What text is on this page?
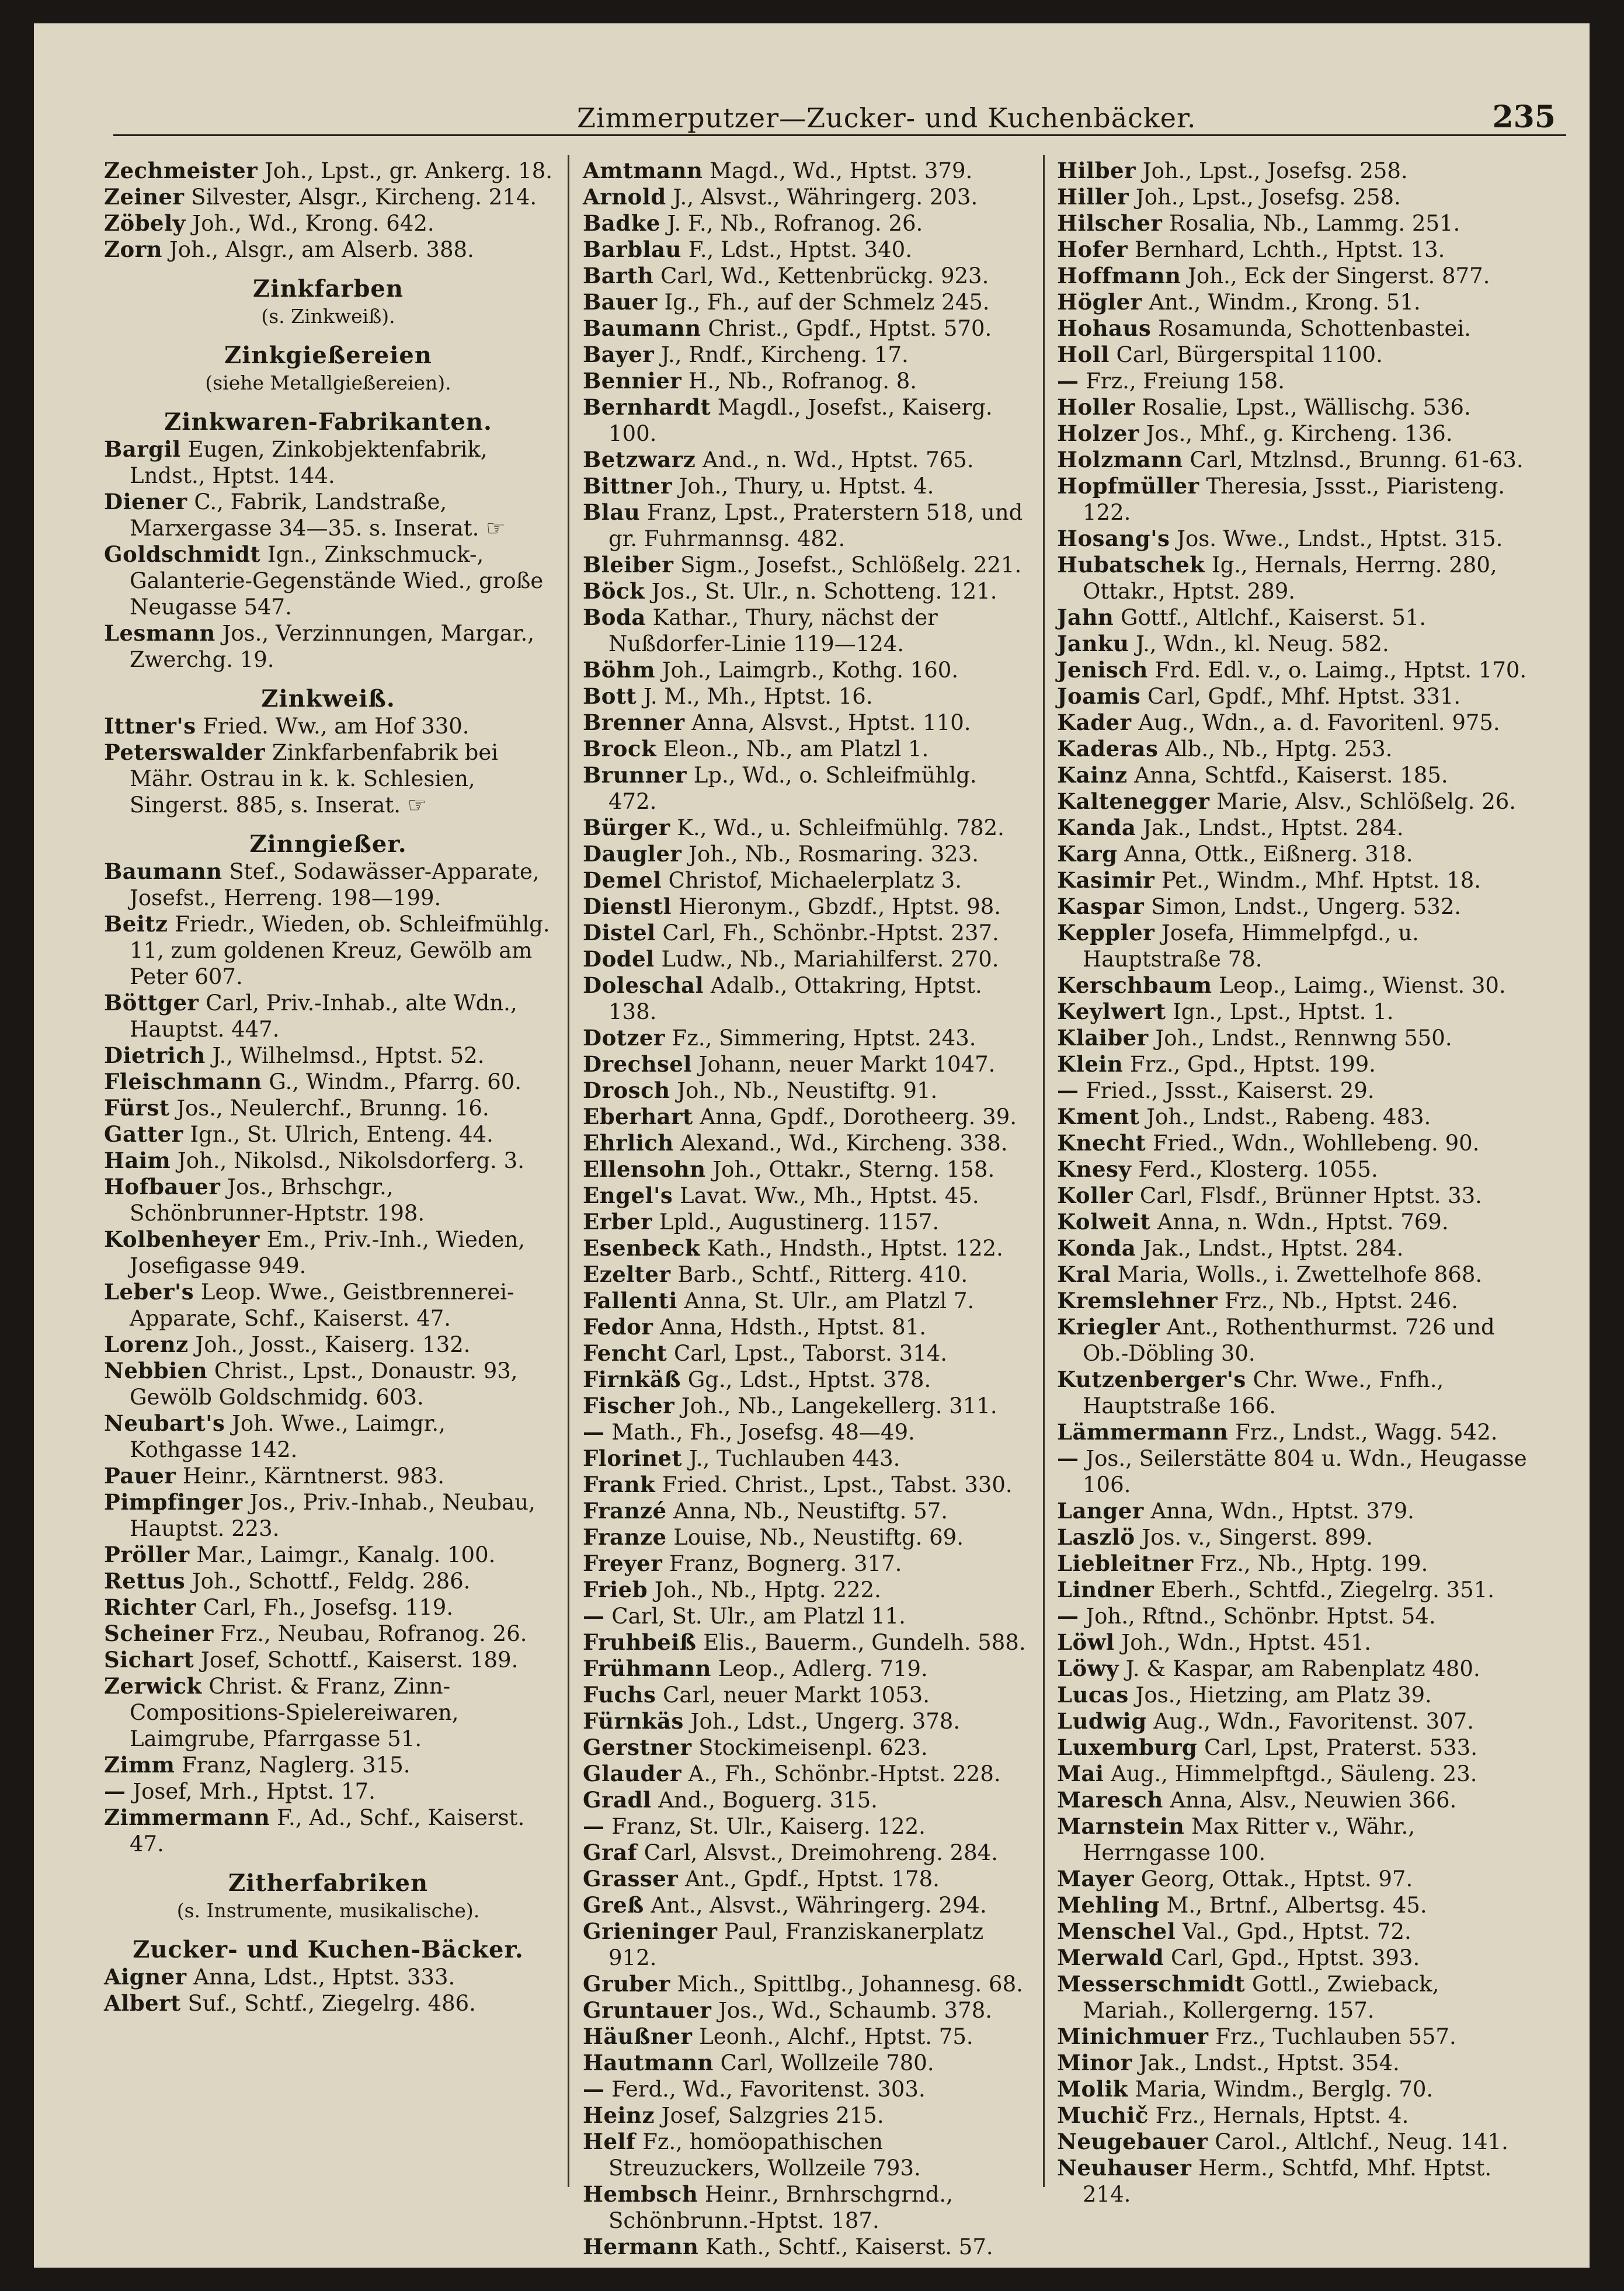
Zimmerputzer—Zucker- und Kuchenbäcker.	235
Zechmeister Joh., Lpst., gr. Ankerg. 18.
Zeiner Silvester, Alsgr., Kircheng. 214.
Zöbely Joh., Wd., Krong. 642.
Zorn Joh., Alsgr., am Alserb. 388.
Zinkfarben
(s. Zinkweiß).
Zinkgießereien
(siehe Metallgießereien).
Zinkwaren-Fabrikanten.
Bargil Eugen, Zinkobjektenfabrik, Lndst., Hptst. 144.
Diener C., Fabrik, Landstraße, Marxergasse 34—35. s. Inserat. ☞
Goldschmidt Ign., Zinkschmuck-, Galanterie-Gegenstände Wied., große Neugasse 547.
Lesmann Jos., Verzinnungen, Margar., Zwerchg. 19.
Zinkweiß.
Ittner's Fried. Ww., am Hof 330.
Peterswalder Zinkfarbenfabrik bei Mähr. Ostrau in k. k. Schlesien, Singerst. 885, s. Inserat. ☞
Zinngießer.
Baumann Stef., Sodawässer-Apparate, Josefst., Herreng. 198—199.
Beitz Friedr., Wieden, ob. Schleifmühlg. 11, zum goldenen Kreuz, Gewölb am Peter 607.
Böttger Carl, Priv.-Inhab., alte Wdn., Hauptst. 447.
Dietrich J., Wilhelmsd., Hptst. 52.
Fleischmann G., Windm., Pfarrg. 60.
Fürst Jos., Neulerchf., Brunng. 16.
Gatter Ign., St. Ulrich, Enteng. 44.
Haim Joh., Nikolsd., Nikolsdorferg. 3.
Hofbauer Jos., Brhschgr., Schönbrunner-Hptstr. 198.
Kolbenheyer Em., Priv.-Inh., Wieden, Josefigasse 949.
Leber's Leop. Wwe., Geistbrennerei-Apparate, Schf., Kaiserst. 47.
Lorenz Joh., Josst., Kaiserg. 132.
Nebbien Christ., Lpst., Donaustr. 93, Gewölb Goldschmidg. 603.
Neubart's Joh. Wwe., Laimgr., Kothgasse 142.
Pauer Heinr., Kärntnerst. 983.
Pimpfinger Jos., Priv.-Inhab., Neubau, Hauptst. 223.
Pröller Mar., Laimgr., Kanalg. 100.
Rettus Joh., Schottf., Feldg. 286.
Richter Carl, Fh., Josefsg. 119.
Scheiner Frz., Neubau, Rofranog. 26.
Sichart Josef, Schottf., Kaiserst. 189.
Zerwick Christ. & Franz, Zinn-Compositions-Spielereiwaren, Laimgrube, Pfarrgasse 51.
Zimm Franz, Naglerg. 315.
— Josef, Mrh., Hptst. 17.
Zimmermann F., Ad., Schf., Kaiserst. 47.
Zitherfabriken
(s. Instrumente, musikalische).
Zucker- und Kuchen-Bäcker.
Aigner Anna, Ldst., Hptst. 333.
Albert Suf., Schtf., Ziegelrg. 486.
Amtmann Magd., Wd., Hptst. 379.
Arnold J., Alsvst., Währingerg. 203.
Badke J. F., Nb., Rofranog. 26.
Barblau F., Ldst., Hptst. 340.
Barth Carl, Wd., Kettenbrückg. 923.
Bauer Ig., Fh., auf der Schmelz 245.
Baumann Christ., Gpdf., Hptst. 570.
Bayer J., Rndf., Kircheng. 17.
Bennier H., Nb., Rofranog. 8.
Bernhardt Magdl., Josefst., Kaiserg. 100.
Betzwarz And., n. Wd., Hptst. 765.
Bittner Joh., Thury, u. Hptst. 4.
Blau Franz, Lpst., Praterstern 518, und gr. Fuhrmannsg. 482.
Bleiber Sigm., Josefst., Schlößelg. 221.
Böck Jos., St. Ulr., n. Schotteng. 121.
Boda Kathar., Thury, nächst der Nußdorfer-Linie 119—124.
Böhm Joh., Laimgrb., Kothg. 160.
Bott J. M., Mh., Hptst. 16.
Brenner Anna, Alsvst., Hptst. 110.
Brock Eleon., Nb., am Platzl 1.
Brunner Lp., Wd., o. Schleifmühlg. 472.
Bürger K., Wd., u. Schleifmühlg. 782.
Daugler Joh., Nb., Rosmaring. 323.
Demel Christof, Michaelerplatz 3.
Dienstl Hieronym., Gbzdf., Hptst. 98.
Distel Carl, Fh., Schönbr.-Hptst. 237.
Dodel Ludw., Nb., Mariahilferst. 270.
Doleschal Adalb., Ottakring, Hptst. 138.
Dotzer Fz., Simmering, Hptst. 243.
Drechsel Johann, neuer Markt 1047.
Drosch Joh., Nb., Neustiftg. 91.
Eberhart Anna, Gpdf., Dorotheerg. 39.
Ehrlich Alexand., Wd., Kircheng. 338.
Ellensohn Joh., Ottakr., Sterng. 158.
Engel's Lavat. Ww., Mh., Hptst. 45.
Erber Lpld., Augustinerg. 1157.
Esenbeck Kath., Hndsth., Hptst. 122.
Ezelter Barb., Schtf., Ritterg. 410.
Fallenti Anna, St. Ulr., am Platzl 7.
Fedor Anna, Hdsth., Hptst. 81.
Fencht Carl, Lpst., Taborst. 314.
Firnkäß Gg., Ldst., Hptst. 378.
Fischer Joh., Nb., Langekellerg. 311.
— Math., Fh., Josefsg. 48—49.
Florinet J., Tuchlauben 443.
Frank Fried. Christ., Lpst., Tabst. 330.
Franzé Anna, Nb., Neustiftg. 57.
Franze Louise, Nb., Neustiftg. 69.
Freyer Franz, Bognerg. 317.
Frieb Joh., Nb., Hptg. 222.
— Carl, St. Ulr., am Platzl 11.
Fruhbeiß Elis., Bauerm., Gundelh. 588.
Frühmann Leop., Adlerg. 719.
Fuchs Carl, neuer Markt 1053.
Fürnkäs Joh., Ldst., Ungerg. 378.
Gerstner Stockimeisenpl. 623.
Glauder A., Fh., Schönbr.-Hptst. 228.
Gradl And., Boguerg. 315.
— Franz, St. Ulr., Kaiserg. 122.
Graf Carl, Alsvst., Dreimohreng. 284.
Grasser Ant., Gpdf., Hptst. 178.
Greß Ant., Alsvst., Währingerg. 294.
Grieninger Paul, Franziskanerplatz 912.
Gruber Mich., Spittlbg., Johannesg. 68.
Gruntauer Jos., Wd., Schaumb. 378.
Häußner Leonh., Alchf., Hptst. 75.
Hautmann Carl, Wollzeile 780.
— Ferd., Wd., Favoritenst. 303.
Heinz Josef, Salzgries 215.
Helf Fz., homöopathischen Streuzuckers, Wollzeile 793.
Hembsch Heinr., Brnhrschgrnd., Schönbrunn.-Hptst. 187.
Hermann Kath., Schtf., Kaiserst. 57.
Hilber Joh., Lpst., Josefsg. 258.
Hiller Joh., Lpst., Josefsg. 258.
Hilscher Rosalia, Nb., Lammg. 251.
Hofer Bernhard, Lchth., Hptst. 13.
Hoffmann Joh., Eck der Singerst. 877.
Högler Ant., Windm., Krong. 51.
Hohaus Rosamunda, Schottenbastei.
Holl Carl, Bürgerspital 1100.
— Frz., Freiung 158.
Holler Rosalie, Lpst., Wällischg. 536.
Holzer Jos., Mhf., g. Kircheng. 136.
Holzmann Carl, Mtzlnsd., Brunng. 61-63.
Hopfmüller Theresia, Jssst., Piaristeng. 122.
Hosang's Jos. Wwe., Lndst., Hptst. 315.
Hubatschek Ig., Hernals, Herrng. 280, Ottakr., Hptst. 289.
Jahn Gottf., Altlchf., Kaiserst. 51.
Janku J., Wdn., kl. Neug. 582.
Jenisch Frd. Edl. v., o. Laimg., Hptst. 170.
Joamis Carl, Gpdf., Mhf. Hptst. 331.
Kader Aug., Wdn., a. d. Favoritenl. 975.
Kaderas Alb., Nb., Hptg. 253.
Kainz Anna, Schtfd., Kaiserst. 185.
Kaltenegger Marie, Alsv., Schlößelg. 26.
Kanda Jak., Lndst., Hptst. 284.
Karg Anna, Ottk., Eißnerg. 318.
Kasimir Pet., Windm., Mhf. Hptst. 18.
Kaspar Simon, Lndst., Ungerg. 532.
Keppler Josefa, Himmelpfgd., u. Hauptstraße 78.
Kerschbaum Leop., Laimg., Wienst. 30.
Keylwert Ign., Lpst., Hptst. 1.
Klaiber Joh., Lndst., Rennwng 550.
Klein Frz., Gpd., Hptst. 199.
— Fried., Jssst., Kaiserst. 29.
Kment Joh., Lndst., Rabeng. 483.
Knecht Fried., Wdn., Wohllebeng. 90.
Knesy Ferd., Klosterg. 1055.
Koller Carl, Flsdf., Brünner Hptst. 33.
Kolweit Anna, n. Wdn., Hptst. 769.
Konda Jak., Lndst., Hptst. 284.
Kral Maria, Wolls., i. Zwettelhofe 868.
Kremslehner Frz., Nb., Hptst. 246.
Kriegler Ant., Rothenthurmst. 726 und Ob.-Döbling 30.
Kutzenberger's Chr. Wwe., Fnfh., Hauptstraße 166.
Lämmermann Frz., Lndst., Wagg. 542.
— Jos., Seilerstätte 804 u. Wdn., Heugasse 106.
Langer Anna, Wdn., Hptst. 379.
Laszlö Jos. v., Singerst. 899.
Liebleitner Frz., Nb., Hptg. 199.
Lindner Eberh., Schtfd., Ziegelrg. 351.
— Joh., Rftnd., Schönbr. Hptst. 54.
Löwl Joh., Wdn., Hptst. 451.
Löwy J. & Kaspar, am Rabenplatz 480.
Lucas Jos., Hietzing, am Platz 39.
Ludwig Aug., Wdn., Favoritenst. 307.
Luxemburg Carl, Lpst, Praterst. 533.
Mai Aug., Himmelpftgd., Säuleng. 23.
Maresch Anna, Alsv., Neuwien 366.
Marnstein Max Ritter v., Währ., Herrngasse 100.
Mayer Georg, Ottak., Hptst. 97.
Mehling M., Brtnf., Albertsg. 45.
Menschel Val., Gpd., Hptst. 72.
Merwald Carl, Gpd., Hptst. 393.
Messerschmidt Gottl., Zwieback, Mariah., Kollergerng. 157.
Minichmuer Frz., Tuchlauben 557.
Minor Jak., Lndst., Hptst. 354.
Molik Maria, Windm., Berglg. 70.
Muchič Frz., Hernals, Hptst. 4.
Neugebauer Carol., Altlchf., Neug. 141.
Neuhauser Herm., Schtfd, Mhf. Hptst. 214.
